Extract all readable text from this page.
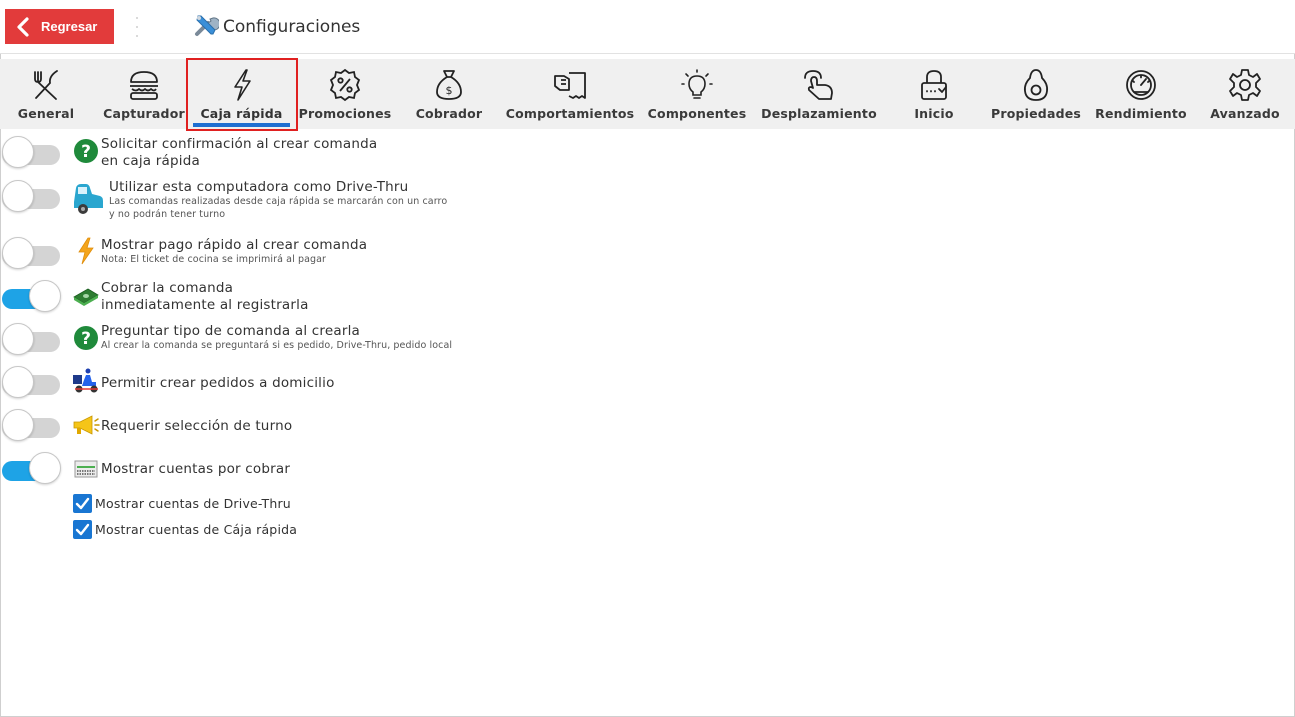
Regresar	Configuraciones
General Capturador Caja rápida Promociones
$
Cobrador Comportamientos Componentes Desplazamiento	Inicio	Propiedades Rendimiento Avanzado
? Solicitar confirmación al crear comanda
en caja rápida
Utilizar esta computadora como Drive-Thru
Las comandas realizadas desde caja rápida se marcarán con un carro
y no podrán tener turno
Mostrar pago rápido al crear comanda
Nota: El ticket de cocina se imprimirá al pagar
Cobrar la comanda
inmediatamente al registrarla
? Preguntar tipo de comanda al crearla
Al crear la comanda se preguntará si es pedido, Drive-Thru, pedido local
Permitir crear pedidos a domicilio
Requerir selección de turno
Mostrar cuentas por cobrar
Mostrar cuentas de Drive-Thru
Mostrar cuentas de Cája rápida
